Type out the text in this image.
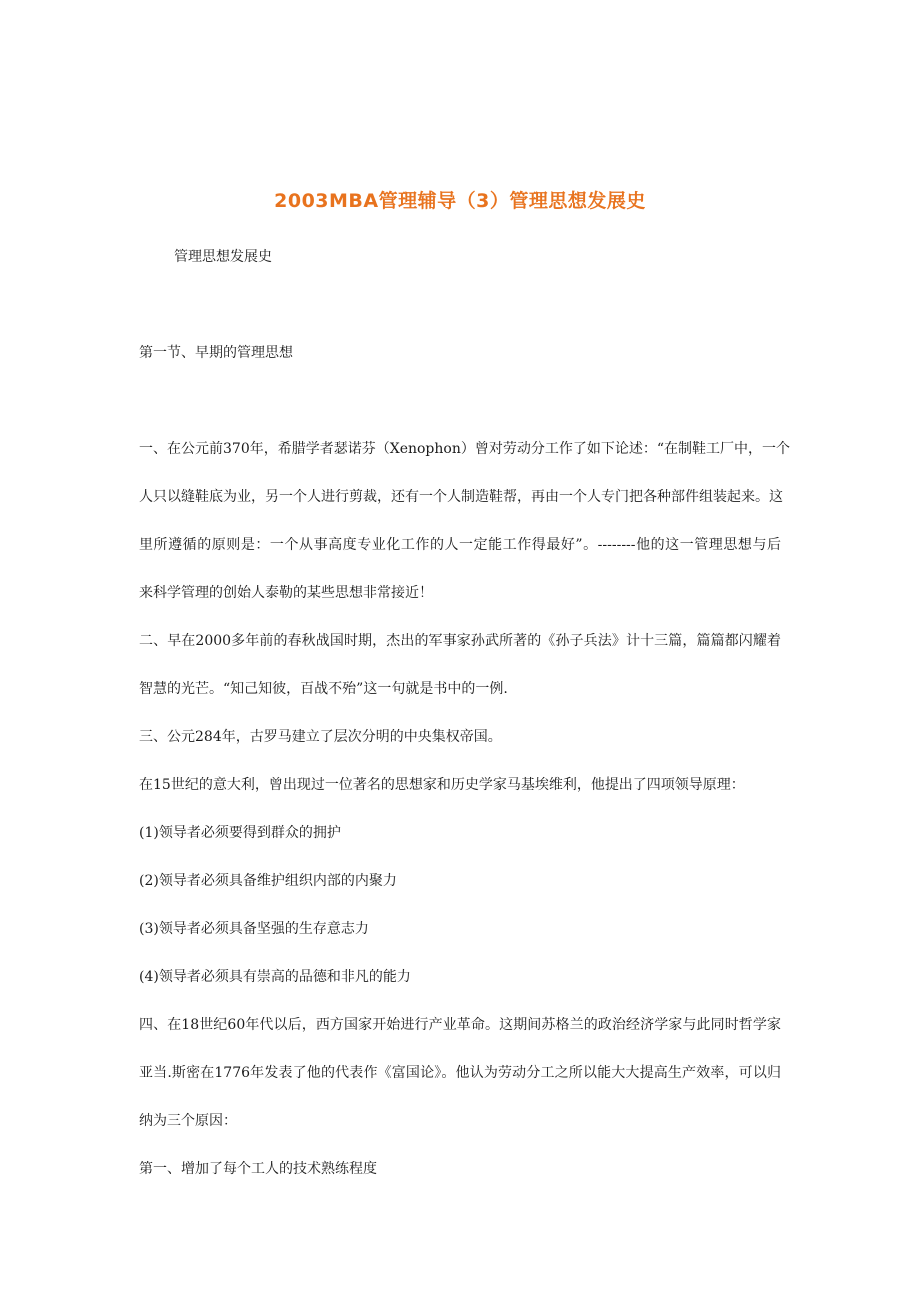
2003MBA管理辅导（3）管理思想发展史
管理思想发展史
第一节、早期的管理思想
一、在公元前370年，希腊学者瑟诺芬（Xenophon）曾对劳动分工作了如下论述：“在制鞋工厂中，一个
人只以缝鞋底为业，另一个人进行剪裁，还有一个人制造鞋帮，再由一个人专门把各种部件组装起来。这
里所遵循的原则是：一个从事高度专业化工作的人一定能工作得最好”。--------他的这一管理思想与后
来科学管理的创始人泰勒的某些思想非常接近！
二、早在2000多年前的春秋战国时期，杰出的军事家孙武所著的《孙子兵法》计十三篇，篇篇都闪耀着
智慧的光芒。“知己知彼，百战不殆”这一句就是书中的一例.
三、公元284年，古罗马建立了层次分明的中央集权帝国。
在15世纪的意大利，曾出现过一位著名的思想家和历史学家马基埃维利，他提出了四项领导原理：
(1)领导者必须要得到群众的拥护
(2)领导者必须具备维护组织内部的内聚力
(3)领导者必须具备坚强的生存意志力
(4)领导者必须具有崇高的品德和非凡的能力
四、在18世纪60年代以后，西方国家开始进行产业革命。这期间苏格兰的政治经济学家与此同时哲学家
亚当.斯密在1776年发表了他的代表作《富国论》。他认为劳动分工之所以能大大提高生产效率，可以归
纳为三个原因：
第一、增加了每个工人的技术熟练程度
